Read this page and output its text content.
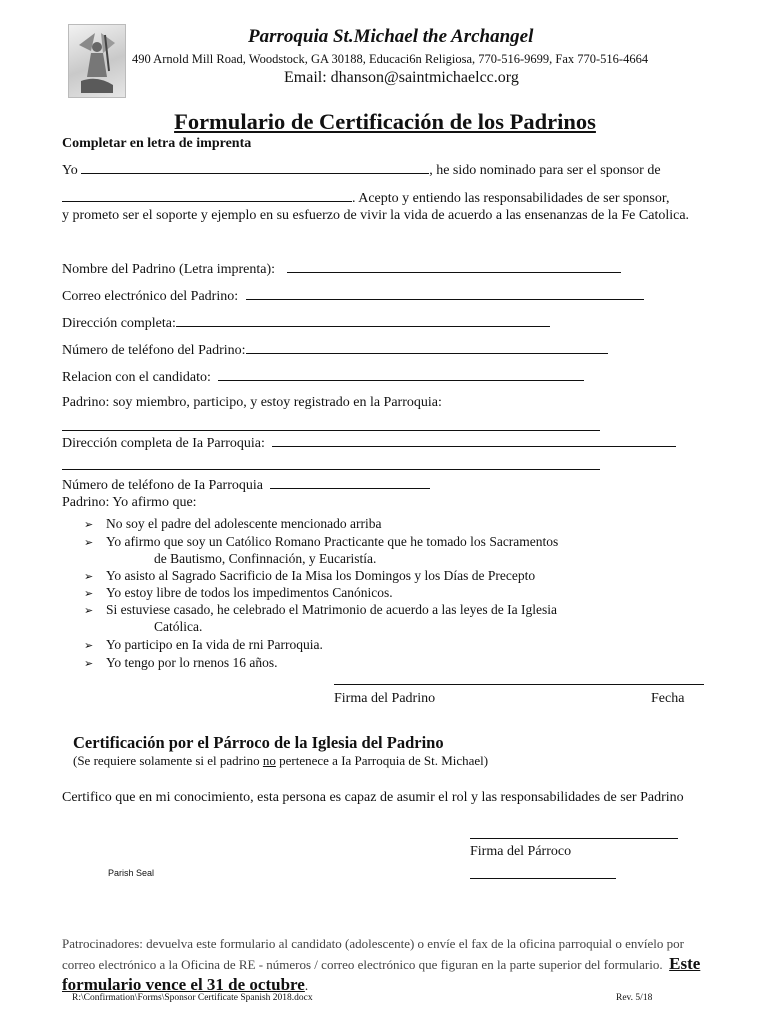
Parroquia St.Michael the Archangel
490 Arnold Mill Road, Woodstock, GA 30188, Educaci6n Religiosa, 770-516-9699, Fax 770-516-4664
Email: dhanson@saintmichaelcc.org
Formulario de Certificación de los Padrinos
Completar en letra de imprenta
Yo	, he sido nominado para ser el sponsor de
. Acepto y entiendo las responsabilidades de ser sponsor,
y prometo ser el soporte y ejemplo en su esfuerzo de vivir la vida de acuerdo a las ensenanzas de la Fe Catolica.
Nombre del Padrino (Letra imprenta):
Correo electrónico del Padrino:
Dirección completa:
Número de teléfono del Padrino:
Relacion con el candidato:
Padrino: soy miembro, participo, y estoy registrado en la Parroquia:
Dirección completa de Ia Parroquia:
Número de teléfono de Ia Parroquia
Padrino: Yo afirmo que:
➢ No soy el padre del adolescente mencionado arriba
➢ Yo afirmo que soy un Católico Romano Practicante que he tomado los Sacramentos
de Bautismo, Confinnación, y Eucaristía.
➢ Yo asisto al Sagrado Sacrificio de Ia Misa los Domingos y los Días de Precepto
➢ Yo estoy libre de todos los impedimentos Canónicos.
➢ Si estuviese casado, he celebrado el Matrimonio de acuerdo a las leyes de Ia Iglesia
Católica.
➢ Yo participo en Ia vida de rni Parroquia.
➢ Yo tengo por lo rnenos 16 años.
Firma del Padrino	Fecha
Certificación por el Párroco de la Iglesia del Padrino
(Se requiere solamente si el padrino no pertenece a Ia Parroquia de St. Michael)
Certifico que en mi conocimiento, esta persona es capaz de asumir el rol y las responsabilidades de ser Padrino
Firma del Párroco
Parish Seal
Patrocinadores: devuelva este formulario al candidato (adolescente) o envíe el fax de la oficina parroquial o envíelo por correo electrónico a la Oficina de RE - números / correo electrónico que figuran en la parte superior del formulario. Este formulario vence el 31 de octubre.
R:\Confirmation\Forms\Sponsor Certificate Spanish 2018.docx	Rev. 5/18
